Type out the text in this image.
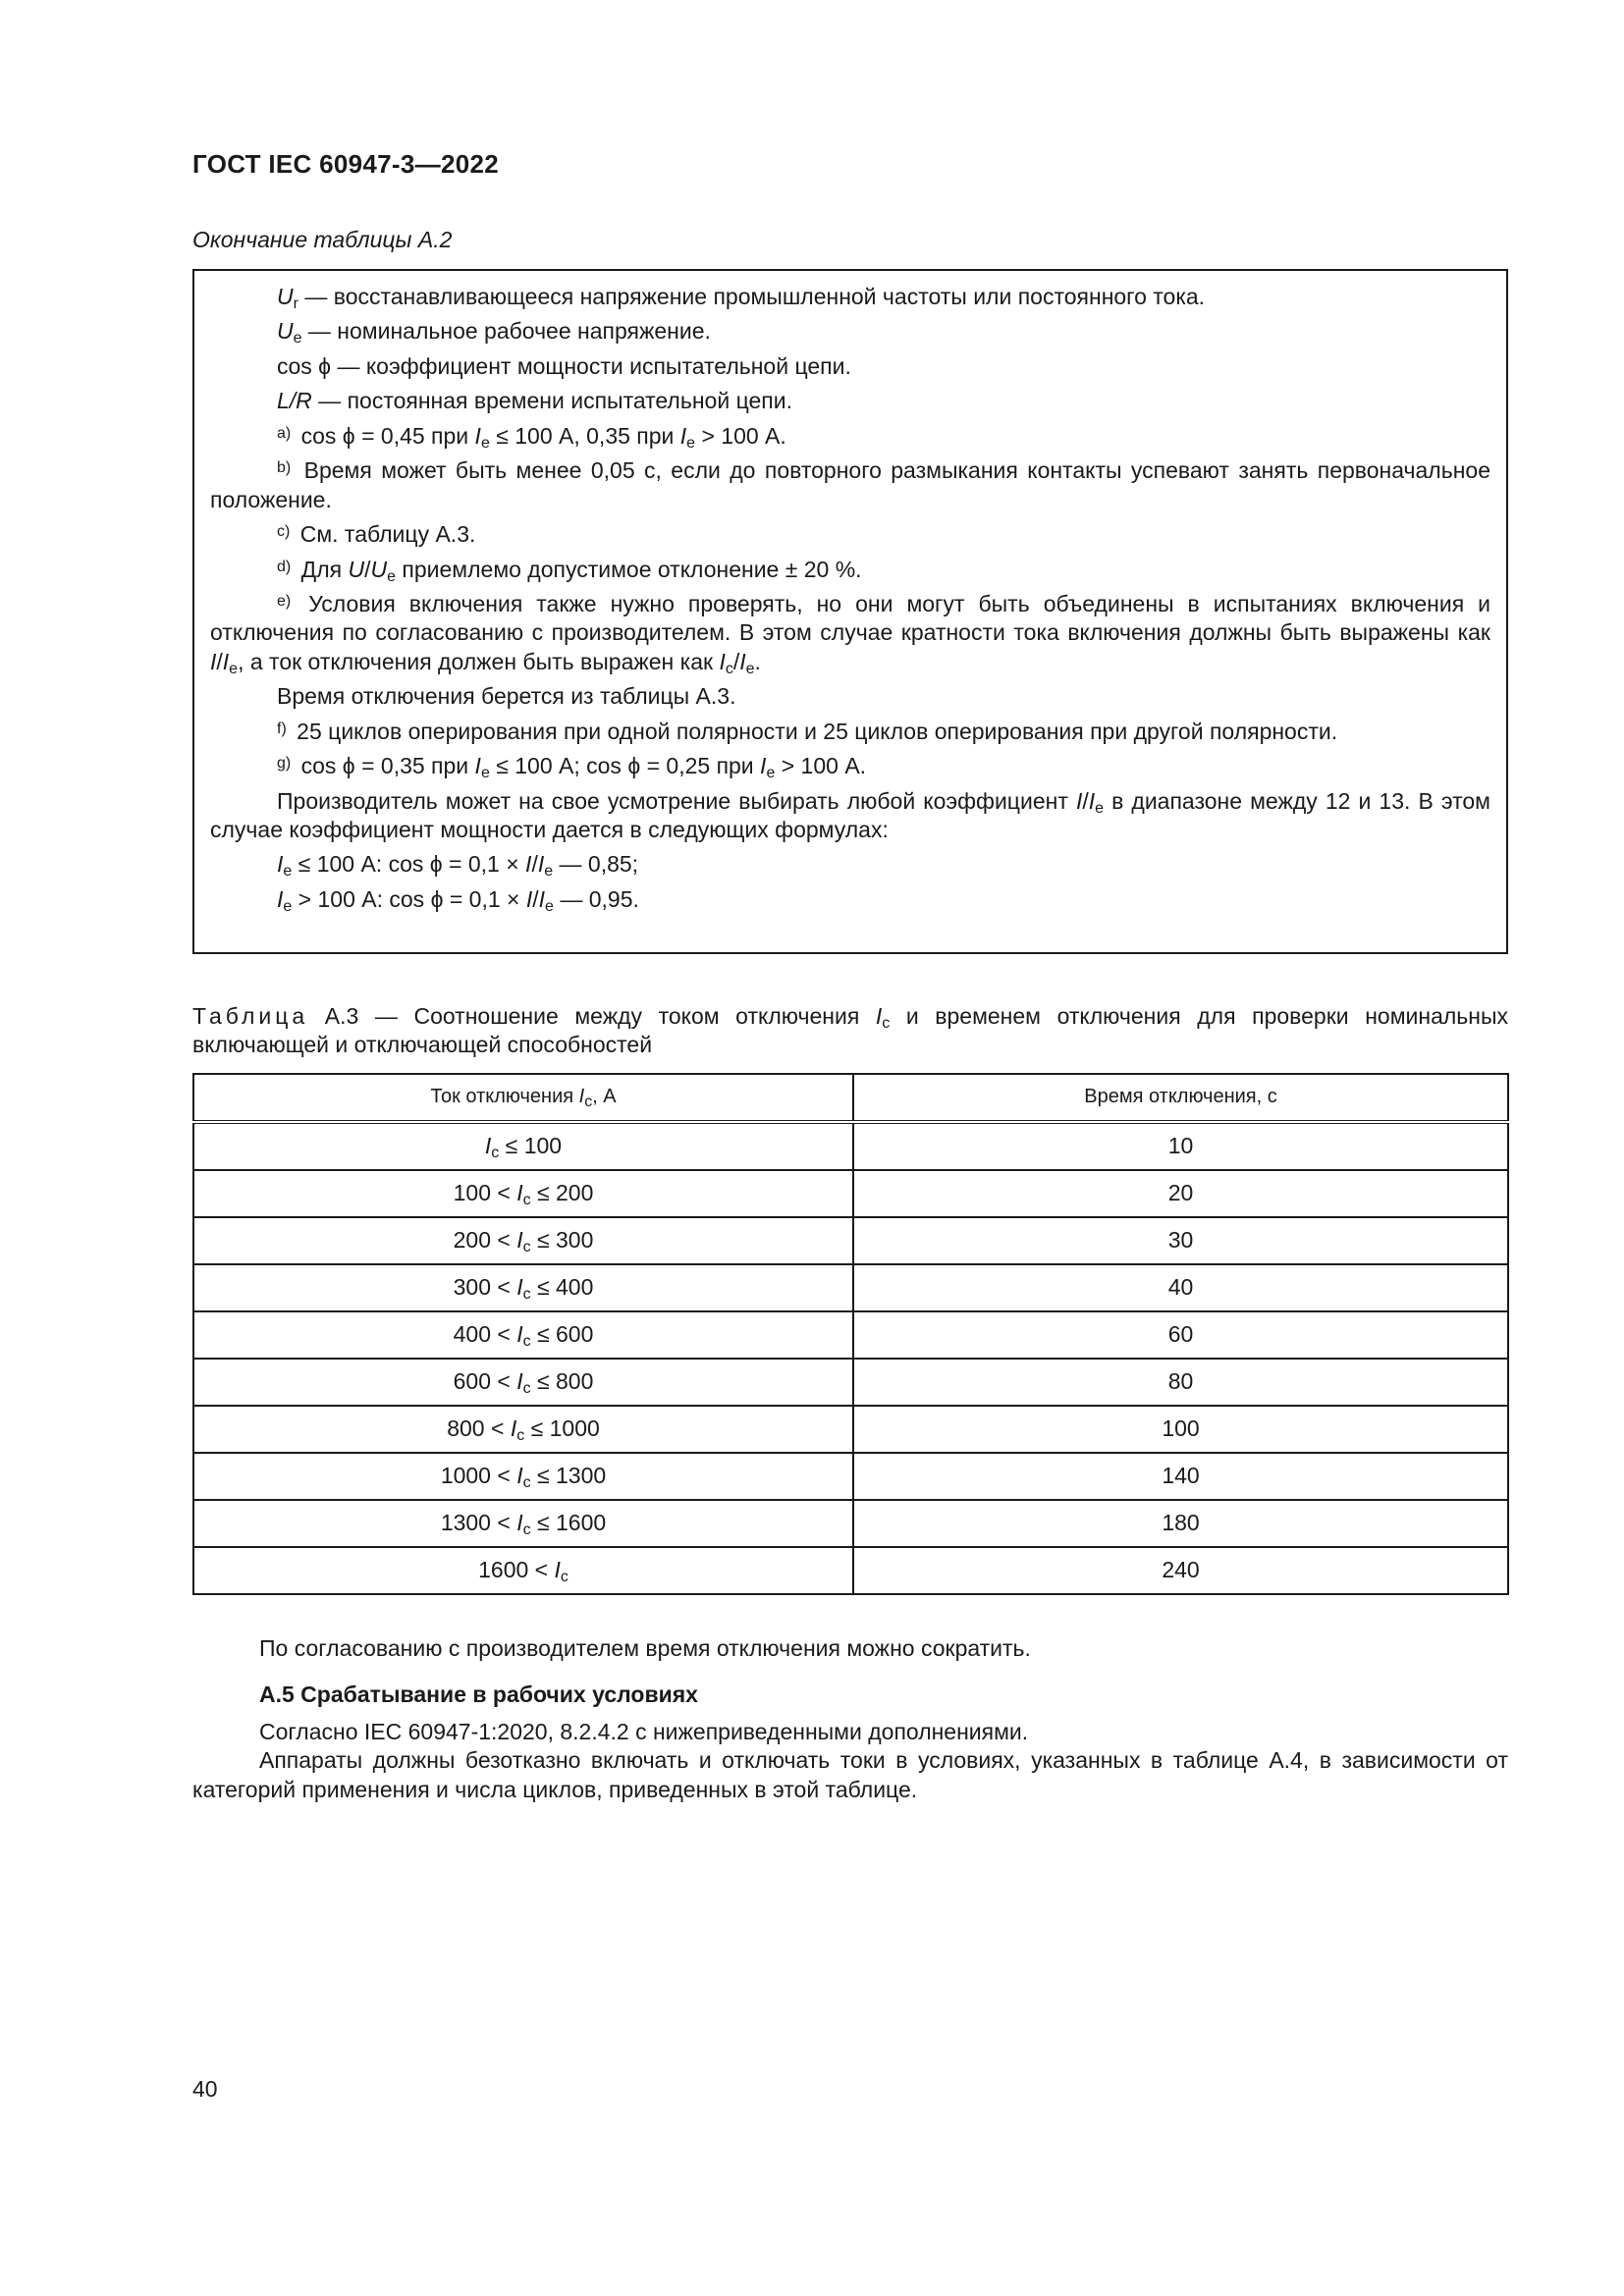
ГОСТ IEC 60947-3—2022
Окончание таблицы А.2

$U_r$ — восстанавливающееся напряжение промышленной частоты или постоянного тока.

$U_e$ — номинальное рабочее напряжение.

cos ϕ — коэффициент мощности испытательной цепи.

L/R — постоянная времени испытательной цепи.

$^{a)}$ cos ϕ = 0,45 при $I_e \le 100$ А, 0,35 при $I_e > 100$ А.

$^{b)}$ Время может быть менее 0,05 с, если до повторного размыкания контакты успевают занять первоначальное положение.

$^{c)}$ См. таблицу А.3.

$^{d)}$ Для $U/U_e$ приемлемо допустимое отклонение ± 20 %.

$^{e)}$ Условия включения также нужно проверять, но они могут быть объединены в испытаниях включения и отключения по согласованию с производителем. В этом случае кратности тока включения должны быть выражены как $I/I_e$, а ток отключения должен быть выражен как $I_c/I_e$.

Время отключения берется из таблицы А.3.

$^{f)}$ 25 циклов оперирования при одной полярности и 25 циклов оперирования при другой полярности.

$^{g)}$ cos ϕ = 0,35 при $I_e \le 100$ А; cos ϕ = 0,25 при $I_e > 100$ А.

Производитель может на свое усмотрение выбирать любой коэффициент $I/I_e$ в диапазоне между 12 и 13. В этом случае коэффициент мощности дается в следующих формулах:

$I_e \le 100$ А: $\cos \phi = 0,1 \times I/I_e$ — 0,85;

$I_e > 100$ А: $\cos \phi = 0,1 \times I/I_e$ — 0,95.

Таблица А.3 — Соотношение между током отключения $I_c$ и временем отключения для проверки номинальных включающей и отключающей способностей
Ток отключения $I_c$, А	Время отключения, с
$I_c \le 100$	10
$100 < I_c \le 200$	20
$200 < I_c \le 300$	30
$300 < I_c \le 400$	40
$400 < I_c \le 600$	60
$600 < I_c \le 800$	80
$800 < I_c \le 1000$	100
$1000 < I_c \le 1300$	140
$1300 < I_c \le 1600$	180
$1600 < I_c$	240

По согласованию с производителем время отключения можно сократить.

А.5 Срабатывание в рабочих условиях

Согласно IEC 60947-1:2020, 8.2.4.2 с нижеприведенными дополнениями.

Аппараты должны безотказно включать и отключать токи в условиях, указанных в таблице А.4, в зависимости от категорий применения и числа циклов, приведенных в этой таблице.

40
